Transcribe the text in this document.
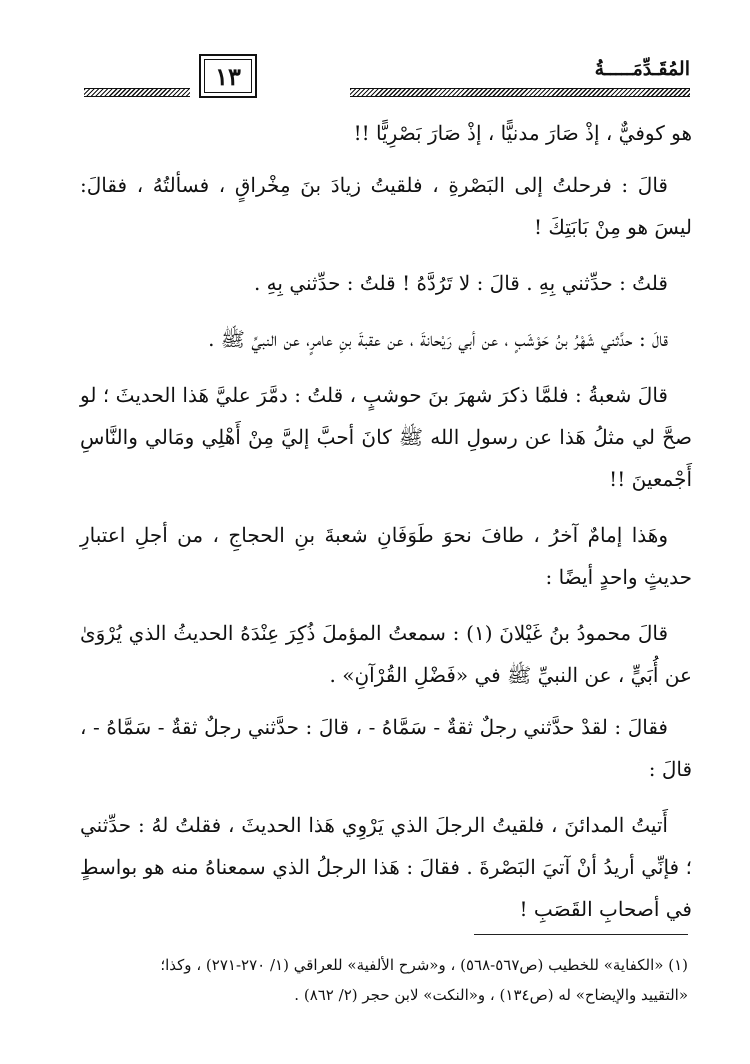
المُقَـدِّمَـــــةُ
١٣

هو كوفيٌّ ، إذْ صَارَ مدنيًّا ، إذْ صَارَ بَصْرِيًّا !!

قالَ : فرحلتُ إلى البَصْرةِ ، فلقيتُ زيادَ بنَ مِخْراقٍ ، فسألتُهُ ، فقالَ: ليسَ هو مِنْ بَابَتِكَ !

قلتُ : حدِّثني بِهِ . قالَ : لا تَرُدَّهُ ! قلتُ : حدِّثني بِهِ .

قالَ : حدَّثني شَهْرُ بنُ حَوْشَبٍ ، عن أبي رَيْحانةَ ، عن عقبةَ بنِ عامرٍ، عن النبيِّ ﷺ .

قالَ شعبةُ : فلمَّا ذكرَ شهرَ بنَ حوشبٍ ، قلتُ : دمَّرَ عليَّ هَذا الحديثَ ؛ لو صحَّ لي مثلُ هَذا عن رسولِ الله ﷺ كانَ أحبَّ إليَّ مِنْ أَهْلِي ومَالي والنَّاسِ أَجْمعينَ !!

وهَذا إمامٌ آخرُ ، طافَ نحوَ طَوَفَانِ شعبةَ بنِ الحجاجِ ، من أجلِ اعتبارِ حديثٍ واحدٍ أيضًا :

قالَ محمودُ بنُ غَيْلانَ (١) : سمعتُ المؤملَ ذُكِرَ عِنْدَهُ الحديثُ الذي يُرْوَىٰ عن أُبَيٍّ ، عن النبيِّ ﷺ في «فَضْلِ القُرْآنِ» .

فقالَ : لقدْ حدَّثني رجلٌ ثقةٌ - سَمَّاهُ - ، قالَ : حدَّثني رجلٌ ثقةٌ - سَمَّاهُ - ، قالَ :

أَتيتُ المدائنَ ، فلقيتُ الرجلَ الذي يَرْوِي هَذا الحديثَ ، فقلتُ لهُ : حدِّثني ؛ فإنِّي أريدُ أنْ آتيَ البَصْرةَ . فقالَ : هَذا الرجلُ الذي سمعناهُ منه هو بواسطٍ في أصحابِ القَصَبِ !

(١) «الكفاية» للخطيب (ص٥٦٧-٥٦٨) ، و«شرح الألفية» للعراقي (١/ ٢٧٠-٢٧١) ، وكذا؛

«التقييد والإيضاح» له (ص١٣٤) ، و«النكت» لابن حجر (٢/ ٨٦٢) .
